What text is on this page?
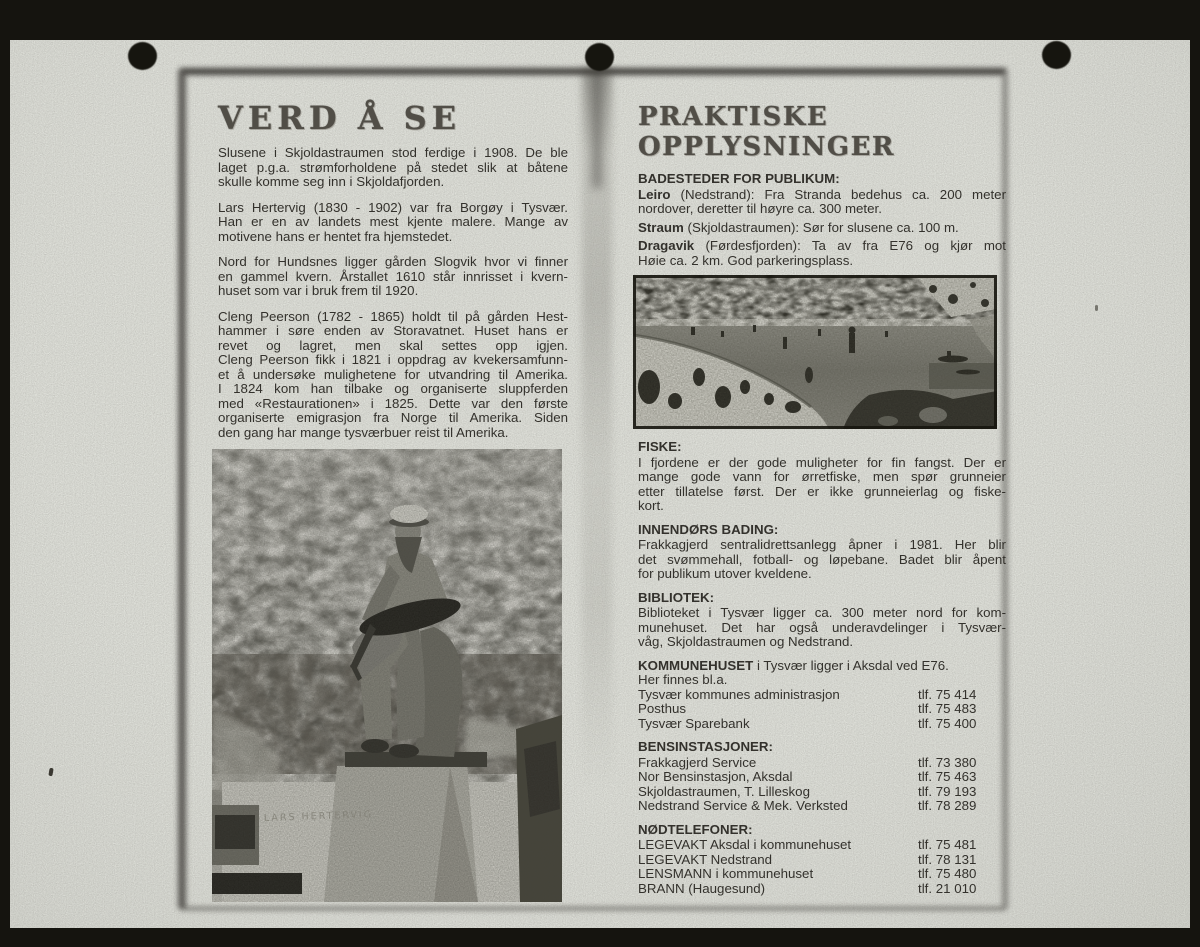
VERD Å SE
Slusene i Skjoldastraumen stod ferdige i 1908. De ble
laget p.g.a. strømforholdene på stedet slik at båtene
skulle komme seg inn i Skjoldafjorden.
Lars Hertervig (1830 - 1902) var fra Borgøy i Tysvær.
Han er en av landets mest kjente malere. Mange av
motivene hans er hentet fra hjemstedet.
Nord for Hundsnes ligger gården Slogvik hvor vi finner
en gammel kvern. Årstallet 1610 står innrisset i kvern-
huset som var i bruk frem til 1920.
Cleng Peerson (1782 - 1865) holdt til på gården Hest-
hammer i søre enden av Storavatnet. Huset hans er
revet og lagret, men skal settes opp igjen.
Cleng Peerson fikk i 1821 i oppdrag av kvekersamfunn-
et å undersøke mulighetene for utvandring til Amerika.
I 1824 kom han tilbake og organiserte sluppferden
med «Restaurationen» i 1825. Dette var den første
organiserte emigrasjon fra Norge til Amerika. Siden
den gang har mange tysværbuer reist til Amerika.
PRAKTISKE
OPPLYSNINGER
BADESTEDER FOR PUBLIKUM:
Leiro (Nedstrand): Fra Stranda bedehus ca. 200 meter
nordover, deretter til høyre ca. 300 meter.
Straum (Skjoldastraumen): Sør for slusene ca. 100 m.
Dragavik (Førdesfjorden): Ta av fra E76 og kjør mot
Høie ca. 2 km. God parkeringsplass.
FISKE:
I fjordene er der gode muligheter for fin fangst. Der er
mange gode vann for ørretfiske, men spør grunneier
etter tillatelse først. Der er ikke grunneierlag og fiske-
kort.
INNENDØRS BADING:
Frakkagjerd sentralidrettsanlegg åpner i 1981. Her blir
det svømmehall, fotball- og løpebane. Badet blir åpent
for publikum utover kveldene.
BIBLIOTEK:
Biblioteket i Tysvær ligger ca. 300 meter nord for kom-
munehuset. Det har også underavdelinger i Tysvær-
våg, Skjoldastraumen og Nedstrand.
KOMMUNEHUSET i Tysvær ligger i Aksdal ved E76.
Her finnes bl.a.
Tysvær kommunes administrasjon	tlf. 75 414
Posthus	tlf. 75 483
Tysvær Sparebank	tlf. 75 400
BENSINSTASJONER:
Frakkagjerd Service	tlf. 73 380
Nor Bensinstasjon, Aksdal	tlf. 75 463
Skjoldastraumen, T. Lilleskog	tlf. 79 193
Nedstrand Service & Mek. Verksted	tlf. 78 289
NØDTELEFONER:
LEGEVAKT Aksdal i kommunehuset	tlf. 75 481
LEGEVAKT Nedstrand	tlf. 78 131
LENSMANN i kommunehuset	tlf. 75 480
BRANN (Haugesund)	tlf. 21 010
